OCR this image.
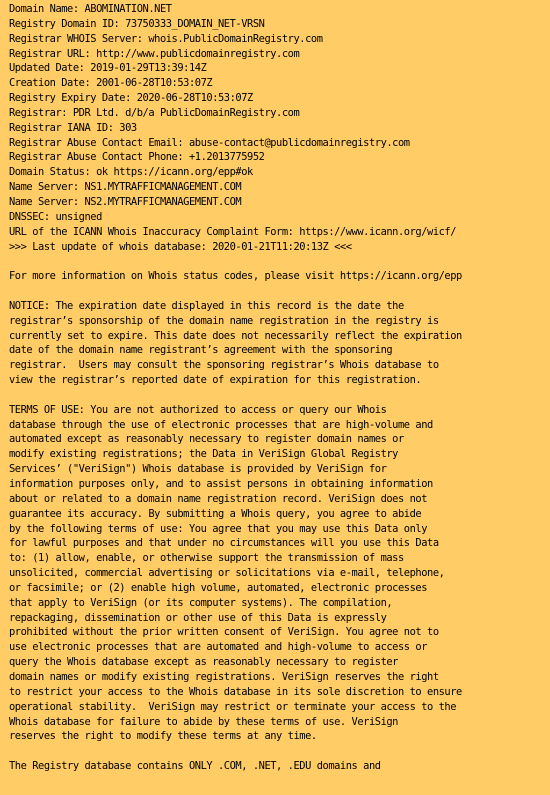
Domain Name: ABOMINATION.NET
Registry Domain ID: 73750333_DOMAIN_NET-VRSN
Registrar WHOIS Server: whois.PublicDomainRegistry.com
Registrar URL: http://www.publicdomainregistry.com
Updated Date: 2019-01-29T13:39:14Z
Creation Date: 2001-06-28T10:53:07Z
Registry Expiry Date: 2020-06-28T10:53:07Z
Registrar: PDR Ltd. d/b/a PublicDomainRegistry.com
Registrar IANA ID: 303
Registrar Abuse Contact Email: abuse-contact@publicdomainregistry.com
Registrar Abuse Contact Phone: +1.2013775952
Domain Status: ok https://icann.org/epp#ok
Name Server: NS1.MYTRAFFICMANAGEMENT.COM
Name Server: NS2.MYTRAFFICMANAGEMENT.COM
DNSSEC: unsigned
URL of the ICANN Whois Inaccuracy Complaint Form: https://www.icann.org/wicf/
>>> Last update of whois database: 2020-01-21T11:20:13Z <<<
For more information on Whois status codes, please visit https://icann.org/epp
NOTICE: The expiration date displayed in this record is the date the
registrar’s sponsorship of the domain name registration in the registry is
currently set to expire. This date does not necessarily reflect the expiration
date of the domain name registrant’s agreement with the sponsoring
registrar.  Users may consult the sponsoring registrar’s Whois database to
view the registrar’s reported date of expiration for this registration.
TERMS OF USE: You are not authorized to access or query our Whois
database through the use of electronic processes that are high-volume and
automated except as reasonably necessary to register domain names or
modify existing registrations; the Data in VeriSign Global Registry
Services’ ("VeriSign") Whois database is provided by VeriSign for
information purposes only, and to assist persons in obtaining information
about or related to a domain name registration record. VeriSign does not
guarantee its accuracy. By submitting a Whois query, you agree to abide
by the following terms of use: You agree that you may use this Data only
for lawful purposes and that under no circumstances will you use this Data
to: (1) allow, enable, or otherwise support the transmission of mass
unsolicited, commercial advertising or solicitations via e-mail, telephone,
or facsimile; or (2) enable high volume, automated, electronic processes
that apply to VeriSign (or its computer systems). The compilation,
repackaging, dissemination or other use of this Data is expressly
prohibited without the prior written consent of VeriSign. You agree not to
use electronic processes that are automated and high-volume to access or
query the Whois database except as reasonably necessary to register
domain names or modify existing registrations. VeriSign reserves the right
to restrict your access to the Whois database in its sole discretion to ensure
operational stability.  VeriSign may restrict or terminate your access to the
Whois database for failure to abide by these terms of use. VeriSign
reserves the right to modify these terms at any time.
The Registry database contains ONLY .COM, .NET, .EDU domains and
